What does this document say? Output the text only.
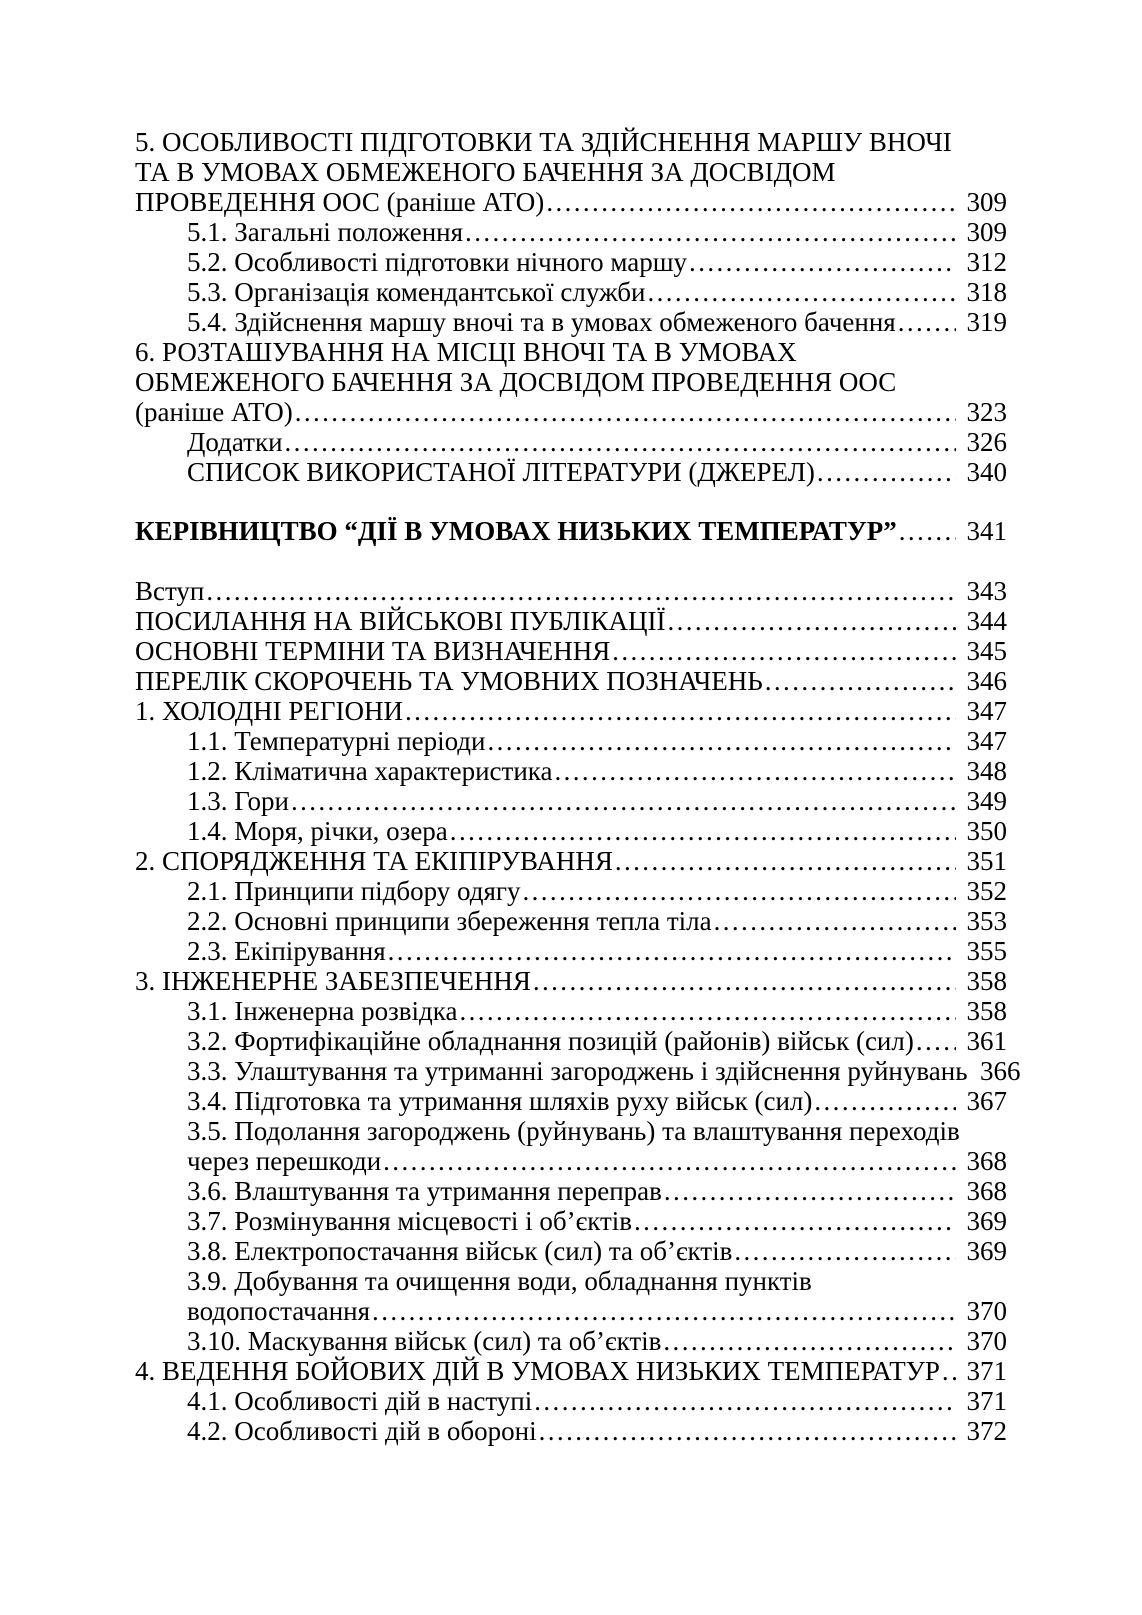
5. ОСОБЛИВОСТІ ПІДГОТОВКИ ТА ЗДІЙСНЕННЯ МАРШУ ВНОЧІ
ТА В УМОВАХ ОБМЕЖЕНОГО БАЧЕННЯ ЗА ДОСВІДОМ
ПРОВЕДЕННЯ ООС (раніше АТО) .....	309
5.1. Загальні положення .....	309
5.2. Особливості підготовки нічного маршу .....	312
5.3. Організація комендантської служби .....	318
5.4. Здійснення маршу вночі та в умовах обмеженого бачення .....	319
6. РОЗТАШУВАННЯ НА МІСЦІ ВНОЧІ ТА В УМОВАХ
ОБМЕЖЕНОГО БАЧЕННЯ ЗА ДОСВІДОМ ПРОВЕДЕННЯ ООС
(раніше АТО) .....	323
Додатки .....	326
СПИСОК ВИКОРИСТАНОЇ ЛІТЕРАТУРИ (ДЖЕРЕЛ) .....	340
КЕРІВНИЦТВО “ДІЇ В УМОВАХ НИЗЬКИХ ТЕМПЕРАТУР” .....	341
Вступ .....	343
ПОСИЛАННЯ НА ВІЙСЬКОВІ ПУБЛІКАЦІЇ .....	344
ОСНОВНІ ТЕРМІНИ ТА ВИЗНАЧЕННЯ .....	345
ПЕРЕЛІК СКОРОЧЕНЬ ТА УМОВНИХ ПОЗНАЧЕНЬ .....	346
1. ХОЛОДНІ РЕГІОНИ .....	347
1.1. Температурні періоди .....	347
1.2. Кліматична характеристика .....	348
1.3. Гори .....	349
1.4. Моря, річки, озера .....	350
2. СПОРЯДЖЕННЯ ТА ЕКІПІРУВАННЯ .....	351
2.1. Принципи підбору одягу .....	352
2.2. Основні принципи збереження тепла тіла .....	353
2.3. Екіпірування .....	355
3. ІНЖЕНЕРНЕ ЗАБЕЗПЕЧЕННЯ .....	358
3.1. Інженерна розвідка .....	358
3.2. Фортифікаційне обладнання позицій (районів) військ (сил) .....	361
3.3. Улаштування та утриманні загороджень і здійснення руйнувань ..... 366
3.4. Підготовка та утримання шляхів руху військ (сил) .....	367
3.5. Подолання загороджень (руйнувань) та влаштування переходів
через перешкоди .....	368
3.6. Влаштування та утримання переправ .....	368
3.7. Розмінування місцевості і об’єктів .....	369
3.8. Електропостачання військ (сил) та об’єктів .....	369
3.9. Добування та очищення води, обладнання пунктів
водопостачання .....	370
3.10. Маскування військ (сил) та об’єктів .....	370
4. ВЕДЕННЯ БОЙОВИХ ДІЙ В УМОВАХ НИЗЬКИХ ТЕМПЕРАТУР ..... 371
4.1. Особливості дій в наступі .....	371
4.2. Особливості дій в обороні .....	372
